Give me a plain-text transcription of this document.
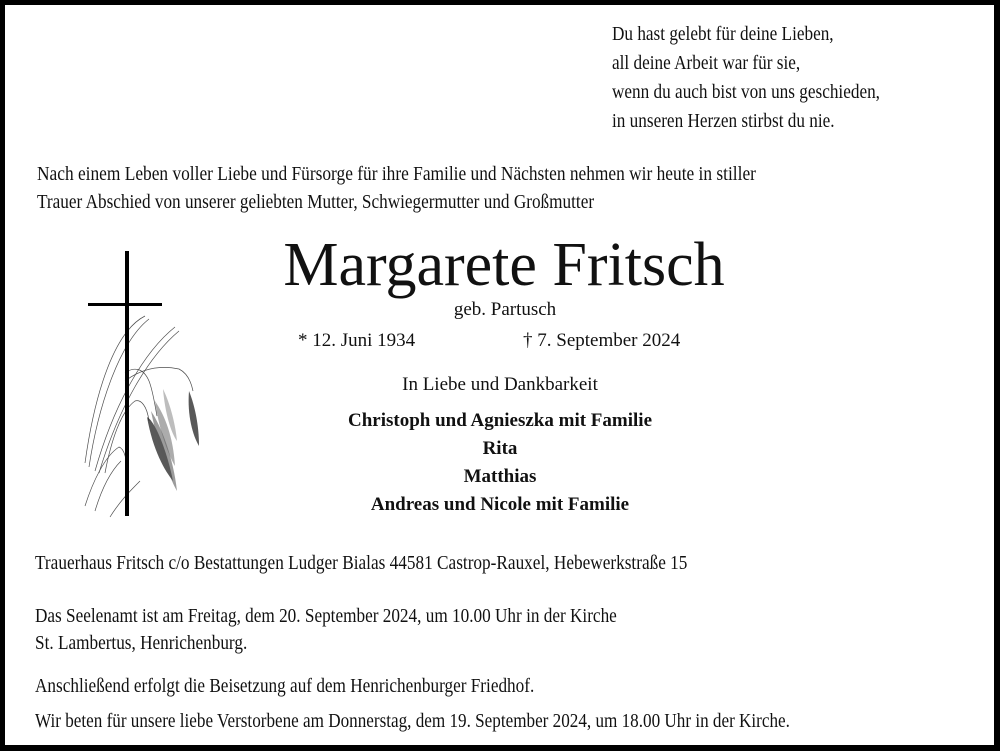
Du hast gelebt für deine Lieben,
all deine Arbeit war für sie,
wenn du auch bist von uns geschieden,
in unseren Herzen stirbst du nie.
Nach einem Leben voller Liebe und Fürsorge für ihre Familie und Nächsten nehmen wir heute in stiller
Trauer Abschied von unserer geliebten Mutter, Schwiegermutter und Großmutter
Margarete Fritsch
geb. Partusch
* 12. Juni 1934	† 7. September 2024
In Liebe und Dankbarkeit
Christoph und Agnieszka mit Familie
Rita
Matthias
Andreas und Nicole mit Familie
Trauerhaus Fritsch c/o Bestattungen Ludger Bialas 44581 Castrop-Rauxel, Hebewerkstraße 15
Das Seelenamt ist am Freitag, dem 20. September 2024, um 10.00 Uhr in der Kirche
St. Lambertus, Henrichenburg.
Anschließend erfolgt die Beisetzung auf dem Henrichenburger Friedhof.
Wir beten für unsere liebe Verstorbene am Donnerstag, dem 19. September 2024, um 18.00 Uhr in der Kirche.
